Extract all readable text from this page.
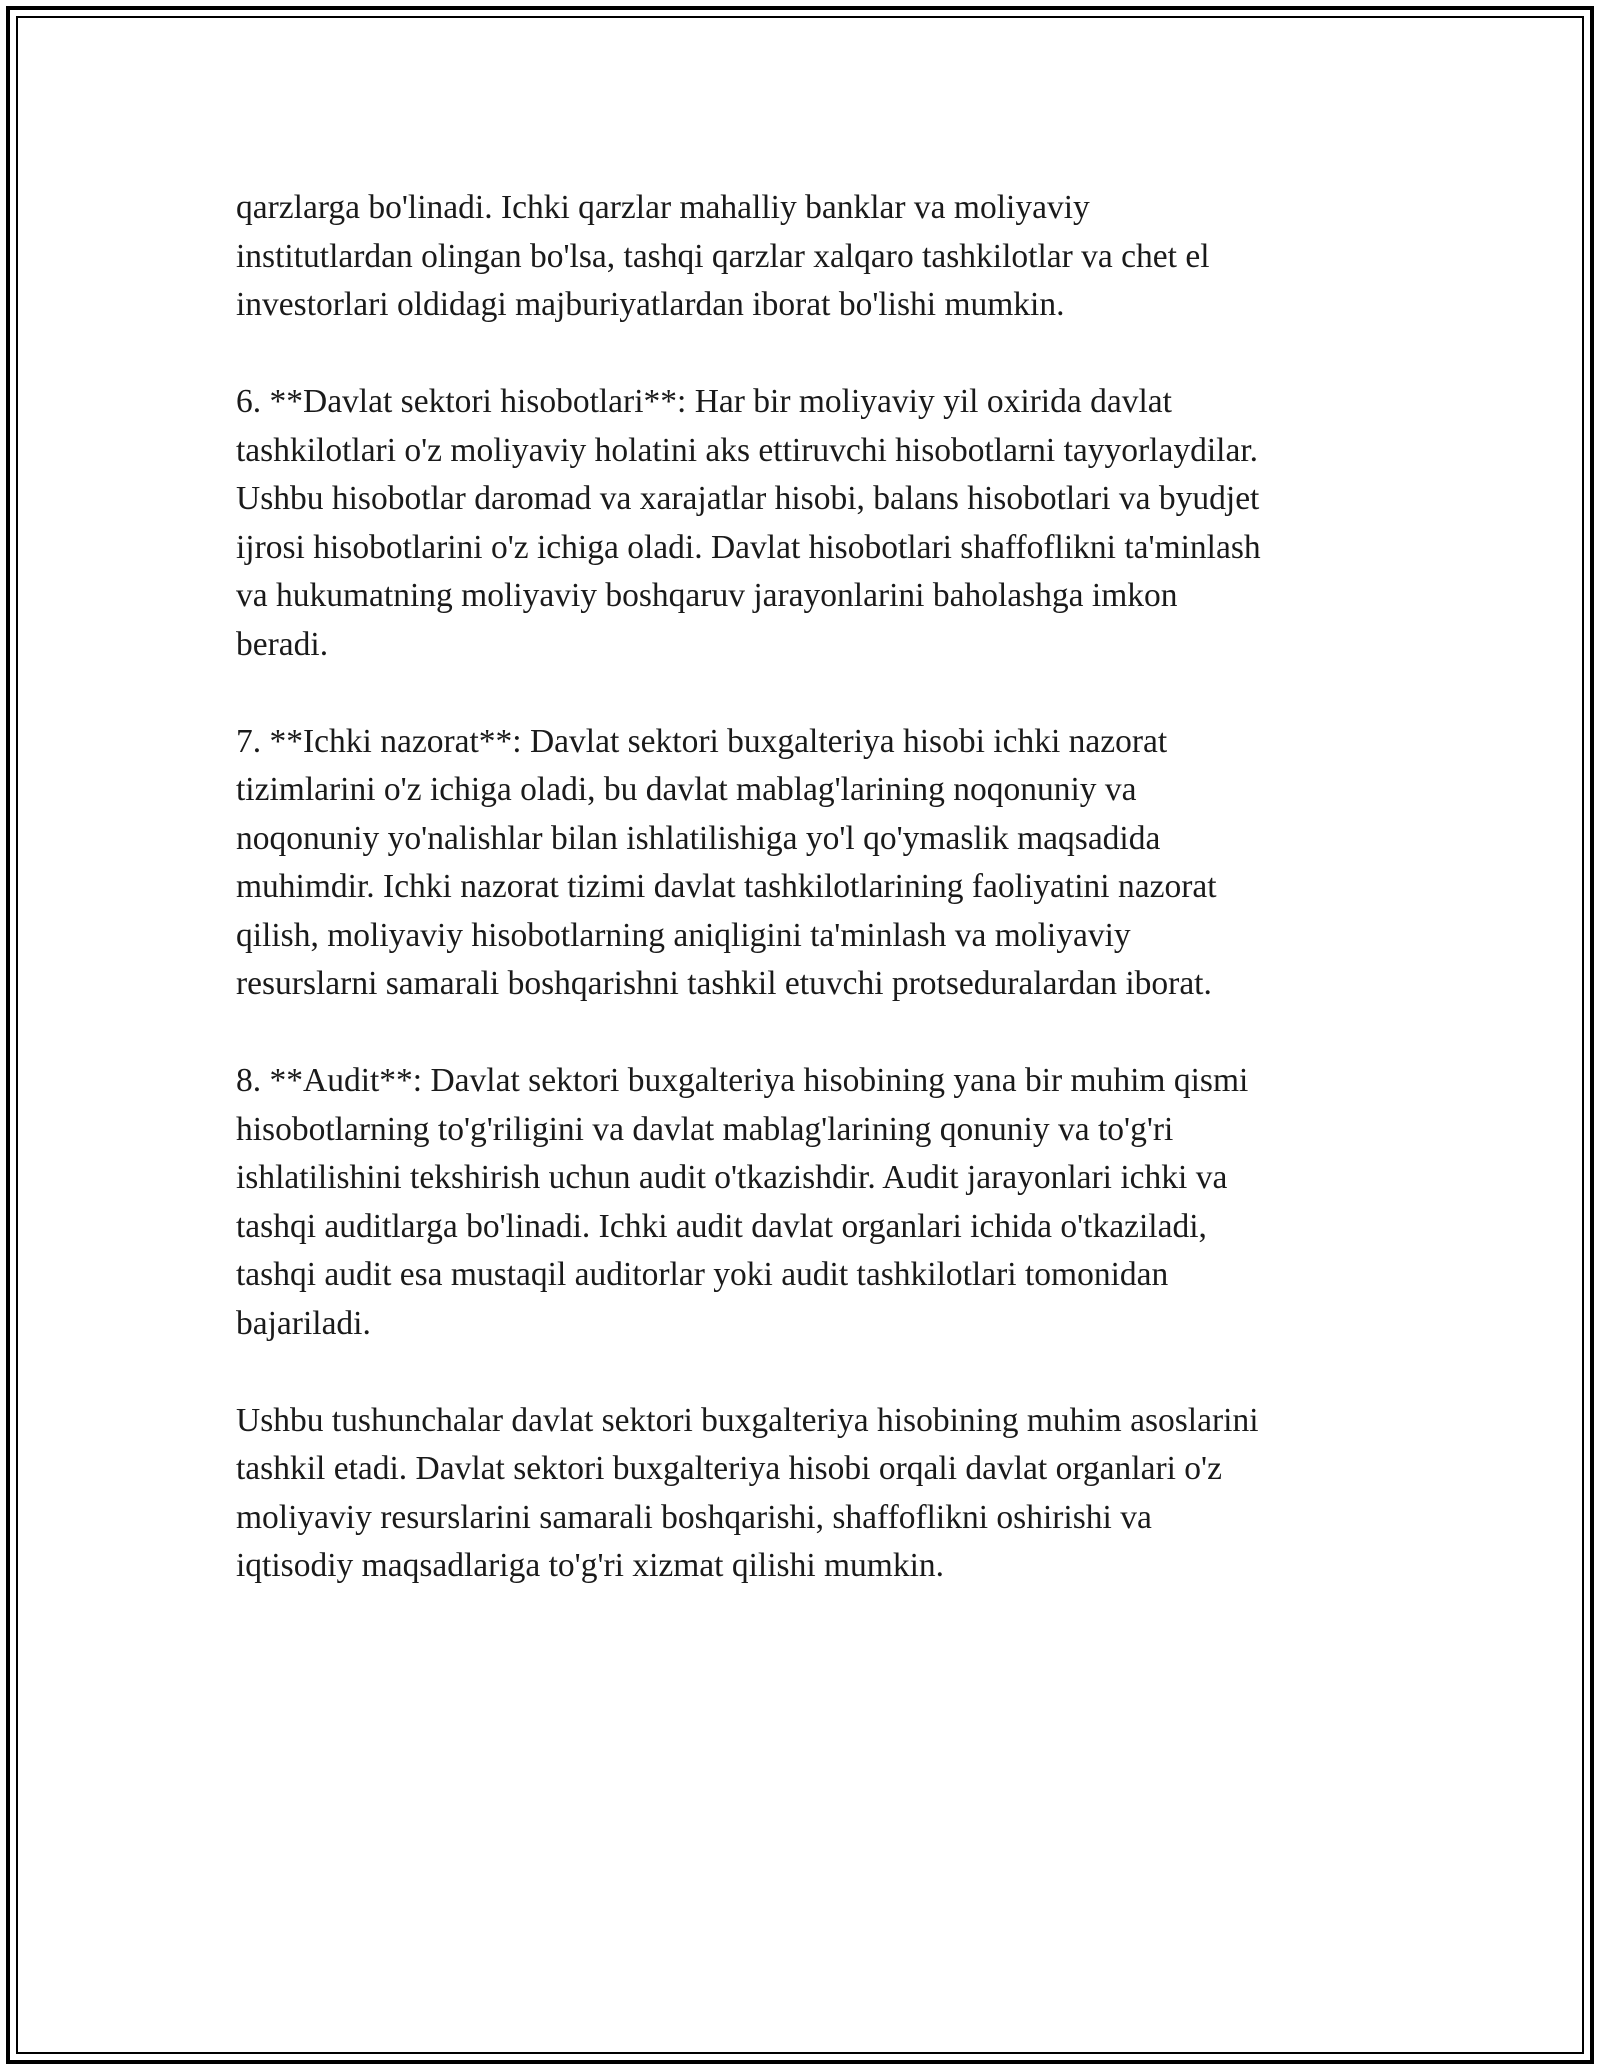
qarzlarga bo'linadi. Ichki qarzlar mahalliy banklar va moliyaviy
institutlardan olingan bo'lsa, tashqi qarzlar xalqaro tashkilotlar va chet el
investorlari oldidagi majburiyatlardan iborat bo'lishi mumkin.
6. **Davlat sektori hisobotlari**: Har bir moliyaviy yil oxirida davlat
tashkilotlari o'z moliyaviy holatini aks ettiruvchi hisobotlarni tayyorlaydilar.
Ushbu hisobotlar daromad va xarajatlar hisobi, balans hisobotlari va byudjet
ijrosi hisobotlarini o'z ichiga oladi. Davlat hisobotlari shaffoflikni ta'minlash
va hukumatning moliyaviy boshqaruv jarayonlarini baholashga imkon
beradi.
7. **Ichki nazorat**: Davlat sektori buxgalteriya hisobi ichki nazorat
tizimlarini o'z ichiga oladi, bu davlat mablag'larining noqonuniy va
noqonuniy yo'nalishlar bilan ishlatilishiga yo'l qo'ymaslik maqsadida
muhimdir. Ichki nazorat tizimi davlat tashkilotlarining faoliyatini nazorat
qilish, moliyaviy hisobotlarning aniqligini ta'minlash va moliyaviy
resurslarni samarali boshqarishni tashkil etuvchi protseduralardan iborat.
8. **Audit**: Davlat sektori buxgalteriya hisobining yana bir muhim qismi
hisobotlarning to'g'riligini va davlat mablag'larining qonuniy va to'g'ri
ishlatilishini tekshirish uchun audit o'tkazishdir. Audit jarayonlari ichki va
tashqi auditlarga bo'linadi. Ichki audit davlat organlari ichida o'tkaziladi,
tashqi audit esa mustaqil auditorlar yoki audit tashkilotlari tomonidan
bajariladi.
Ushbu tushunchalar davlat sektori buxgalteriya hisobining muhim asoslarini
tashkil etadi. Davlat sektori buxgalteriya hisobi orqali davlat organlari o'z
moliyaviy resurslarini samarali boshqarishi, shaffoflikni oshirishi va
iqtisodiy maqsadlariga to'g'ri xizmat qilishi mumkin.
